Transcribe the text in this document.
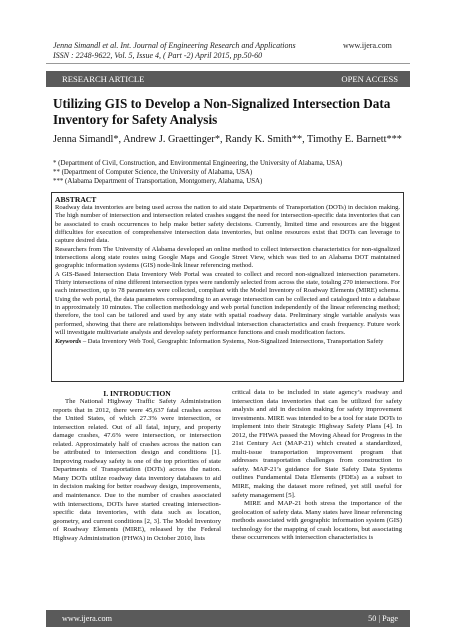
Jenna Simandl et al. Int. Journal of Engineering Research and Applications
ISSN : 2248-9622, Vol. 5, Issue 4, ( Part -2) April 2015, pp.50-60
www.ijera.com
RESEARCH ARTICLE	OPEN ACCESS
Utilizing GIS to Develop a Non-Signalized Intersection Data Inventory for Safety Analysis
Jenna Simandl*, Andrew J. Graettinger*, Randy K. Smith**, Timothy E. Barnett***
* (Department of Civil, Construction, and Environmental Engineering, the University of Alabama, USA)
** (Department of Computer Science, the University of Alabama, USA)
*** (Alabama Department of Transportation, Montgomery, Alabama, USA)

ABSTRACT

Roadway data inventories are being used across the nation to aid state Departments of Transportation (DOTs) in decision making. The high number of intersection and intersection related crashes suggest the need for intersection-specific data inventories that can be associated to crash occurrences to help make better safety decisions. Currently, limited time and resources are the biggest difficulties for execution of comprehensive intersection data inventories, but online resources exist that DOTs can leverage to capture desired data.

Researchers from The University of Alabama developed an online method to collect intersection characteristics for non-signalized intersections along state routes using Google Maps and Google Street View, which was tied to an Alabama DOT maintained geographic information systems (GIS) node-link linear referencing method.

A GIS-Based Intersection Data Inventory Web Portal was created to collect and record non-signalized intersection parameters. Thirty intersections of nine different intersection types were randomly selected from across the state, totaling 270 intersections. For each intersection, up to 78 parameters were collected, compliant with the Model Inventory of Roadway Elements (MIRE) schema. Using the web portal, the data parameters corresponding to an average intersection can be collected and catalogued into a database in approximately 10 minutes. The collection methodology and web portal function independently of the linear referencing method; therefore, the tool can be tailored and used by any state with spatial roadway data. Preliminary single variable analysis was performed, showing that there are relationships between individual intersection characteristics and crash frequency. Future work will investigate multivariate analysis and develop safety performance functions and crash modification factors.

Keywords – Data Inventory Web Tool, Geographic Information Systems, Non-Signalized Intersections, Transportation Safety

I. INTRODUCTION

The National Highway Traffic Safety Administration reports that in 2012, there were 45,637 fatal crashes across the United States, of which 27.3% were intersection, or intersection related. Out of all fatal, injury, and property damage crashes, 47.6% were intersection, or intersection related. Approximately half of crashes across the nation can be attributed to intersection design and conditions [1]. Improving roadway safety is one of the top priorities of state Departments of Transportation (DOTs) across the nation. Many DOTs utilize roadway data inventory databases to aid in decision making for better roadway design, improvements, and maintenance. Due to the number of crashes associated with intersections, DOTs have started creating intersection-specific data inventories, with data such as location, geometry, and current conditions [2, 3]. The Model Inventory of Roadway Elements (MIRE), released by the Federal Highway Administration (FHWA) in October 2010, lists

critical data to be included in state agency’s roadway and intersection data inventories that can be utilized for safety analysis and aid in decision making for safety improvement investments. MIRE was intended to be a tool for state DOTs to implement into their Strategic Highway Safety Plans [4]. In 2012, the FHWA passed the Moving Ahead for Progress in the 21st Century Act (MAP-21) which created a standardized, multi-issue transportation improvement program that addresses transportation challenges from construction to safety. MAP-21’s guidance for State Safety Data Systems outlines Fundamental Data Elements (FDEs) as a subset to MIRE, making the dataset more refined, yet still useful for safety management [5].

MIRE and MAP-21 both stress the importance of the geolocation of safety data. Many states have linear referencing methods associated with geographic information system (GIS) technology for the mapping of crash locations, but associating these occurrences with intersection characteristics is

www.ijera.com	50 | Page
